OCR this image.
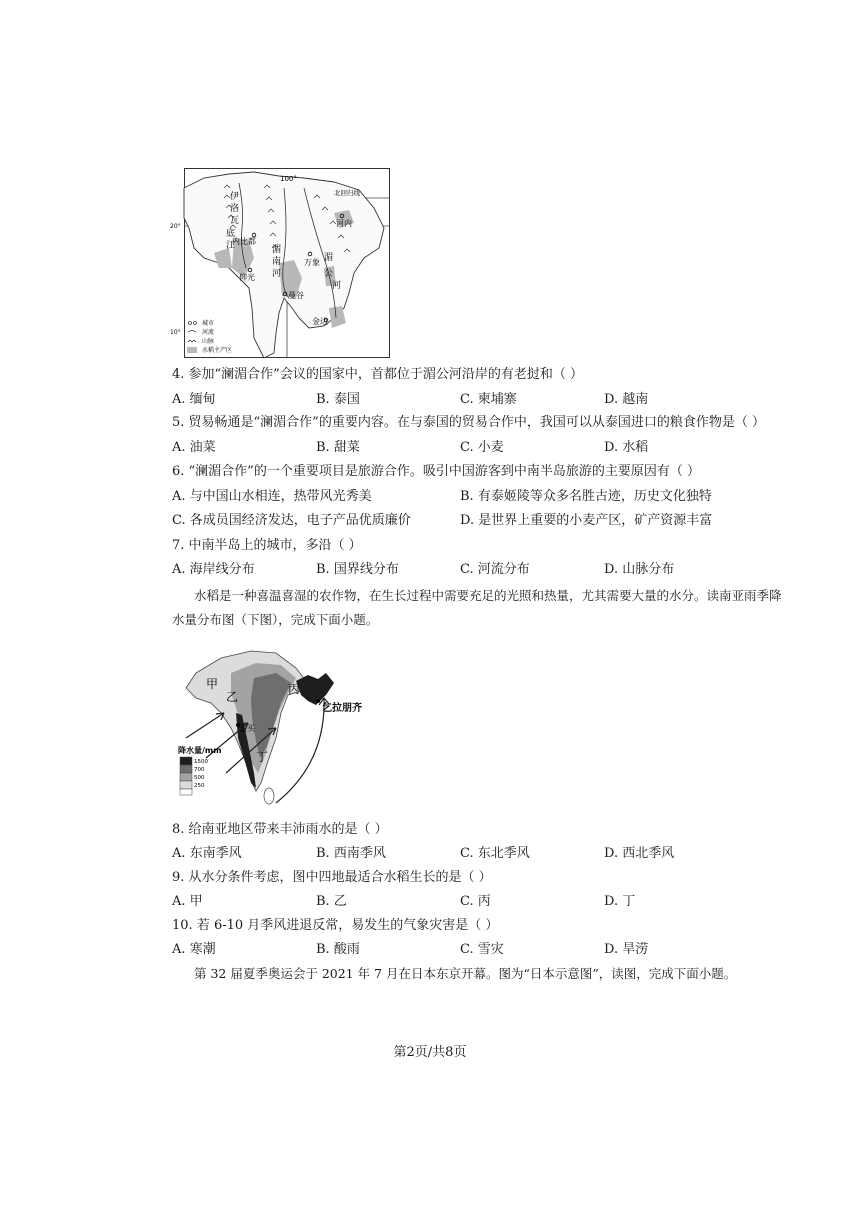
100°
北回归线
20°
10°
伊
洛
瓦
底
江
内比都
仰光
湄
南
河
曼谷
万象
河内
湄
公
河
金边
城市
河流
山脉
水稻主产区
4. 参加“澜湄合作”会议的国家中，首都位于湄公河沿岸的有老挝和（ ）
A. 缅甸	B. 泰国	C. 柬埔寨	D. 越南
5. 贸易畅通是“澜湄合作”的重要内容。在与泰国的贸易合作中，我国可以从泰国进口的粮食作物是（ ）
A. 油菜	B. 甜菜	C. 小麦	D. 水稻
6. “澜湄合作”的一个重要项目是旅游合作。吸引中国游客到中南半岛旅游的主要原因有（ ）
A. 与中国山水相连，热带风光秀美	B. 有泰姬陵等众多名胜古迹，历史文化独特
C. 各成员国经济发达，电子产品优质廉价	D. 是世界上重要的小麦产区，矿产资源丰富
7. 中南半岛上的城市，多沿（ ）
A. 海岸线分布	B. 国界线分布	C. 河流分布	D. 山脉分布
水稻是一种喜温喜湿的农作物，在生长过程中需要充足的光照和热量，尤其需要大量的水分。读南亚雨季降水量分布图（下图），完成下面小题。
甲
乙
丙
丁
孟买
乞拉朋齐
降水量/mm
1500
700
500
250
8. 给南亚地区带来丰沛雨水的是（ ）
A. 东南季风	B. 西南季风	C. 东北季风	D. 西北季风
9. 从水分条件考虑，图中四地最适合水稻生长的是（ ）
A. 甲	B. 乙	C. 丙	D. 丁
10. 若 6-10 月季风进退反常，易发生的气象灾害是（ ）
A. 寒潮	B. 酸雨	C. 雪灾	D. 旱涝
第 32 届夏季奥运会于 2021 年 7 月在日本东京开幕。图为“日本示意图”，读图，完成下面小题。
第2页/共8页
